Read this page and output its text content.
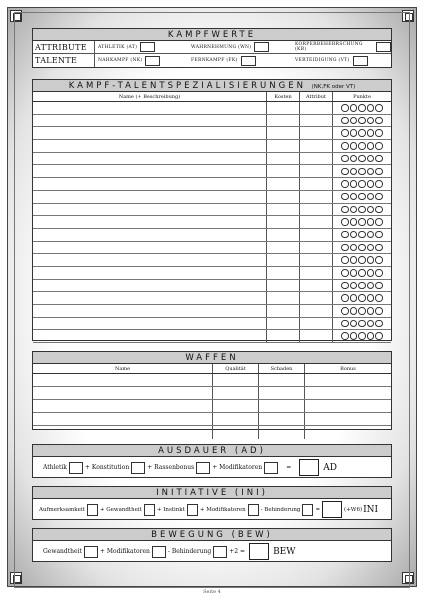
KAMPFWERTE
ATTRIBUTE	ATHLETIK (AT)	WAHRNEHMUNG (WN)	KÖRPERBEHERRSCHUNG (KB)
TALENTE	NAHKAMPF (NK)	FERNKAMPF (FK)	VERTEIDIGUNG (VT)
KAMPF-TALENTSPEZIALISIERUNGEN (NK,FK oder VT)
Name (+ Beschreibung)	Kosten	Attribut	Punkte
WAFFEN
Name	Qualität	Schaden	Bonus
AUSDAUER (AD)
Athletik	+ Konstitution	+ Rassenbonus	+ Modifikatoren	=	AD
INITIATIVE (INI)
Aufmerksamkeit	+ Gewandtheit	+ Instinkt	+ Modifikatoren	- Behinderung	=	(+W6) INI
BEWEGUNG (BEW)
Gewandtheit	+ Modifikatoren	- Behinderung	+2 =	BEW
Seite 4
